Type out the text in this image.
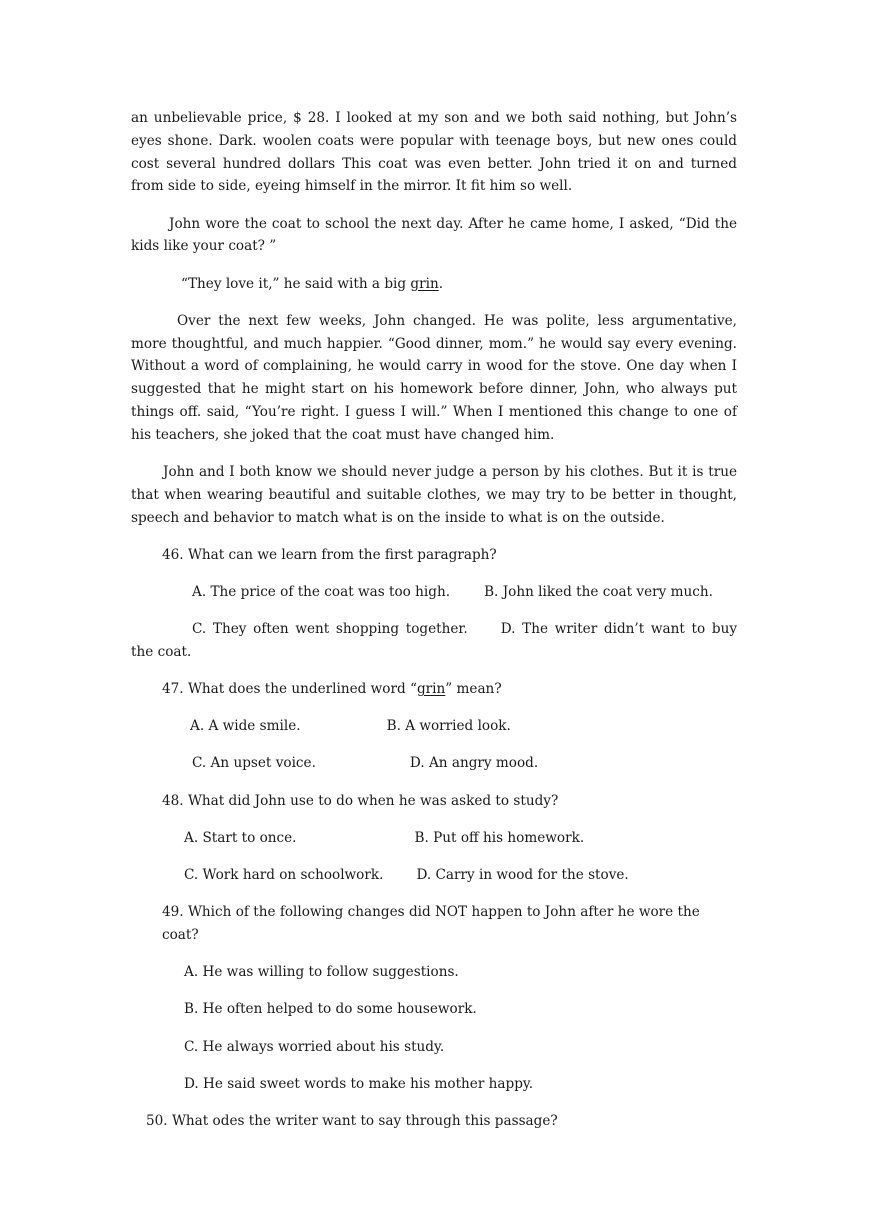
an unbelievable price, $ 28. I looked at my son and we both said nothing, but John’s eyes shone. Dark. woolen coats were popular with teenage boys, but new ones could cost several hundred dollars This coat was even better. John tried it on and turned from side to side, eyeing himself in the mirror. It fit him so well.

John wore the coat to school the next day. After he came home, I asked, “Did the kids like your coat? ”

“They love it,” he said with a big grin.

Over the next few weeks, John changed. He was polite, less argumentative, more thoughtful, and much happier. “Good dinner, mom.” he would say every evening. Without a word of complaining, he would carry in wood for the stove. One day when I suggested that he might start on his homework before dinner, John, who always put things off. said, “You’re right. I guess I will.” When I mentioned this change to one of his teachers, she joked that the coat must have changed him.

John and I both know we should never judge a person by his clothes. But it is true that when wearing beautiful and suitable clothes, we may try to be better in thought, speech and behavior to match what is on the inside to what is on the outside.

46. What can we learn from the first paragraph?

A. The price of the coat was too high.	B. John liked the coat very much.

C. They often went shopping together. D. The writer didn’t want to buy the coat.

47. What does the underlined word “grin” mean?

A. A wide smile.	B. A worried look.

C. An upset voice.	D. An angry mood.

48. What did John use to do when he was asked to study?

A. Start to once.	B. Put off his homework.

C. Work hard on schoolwork. D. Carry in wood for the stove.

49. Which of the following changes did NOT happen to John after he wore the coat?

A. He was willing to follow suggestions.

B. He often helped to do some housework.

C. He always worried about his study.

D. He said sweet words to make his mother happy.

50. What odes the writer want to say through this passage?
